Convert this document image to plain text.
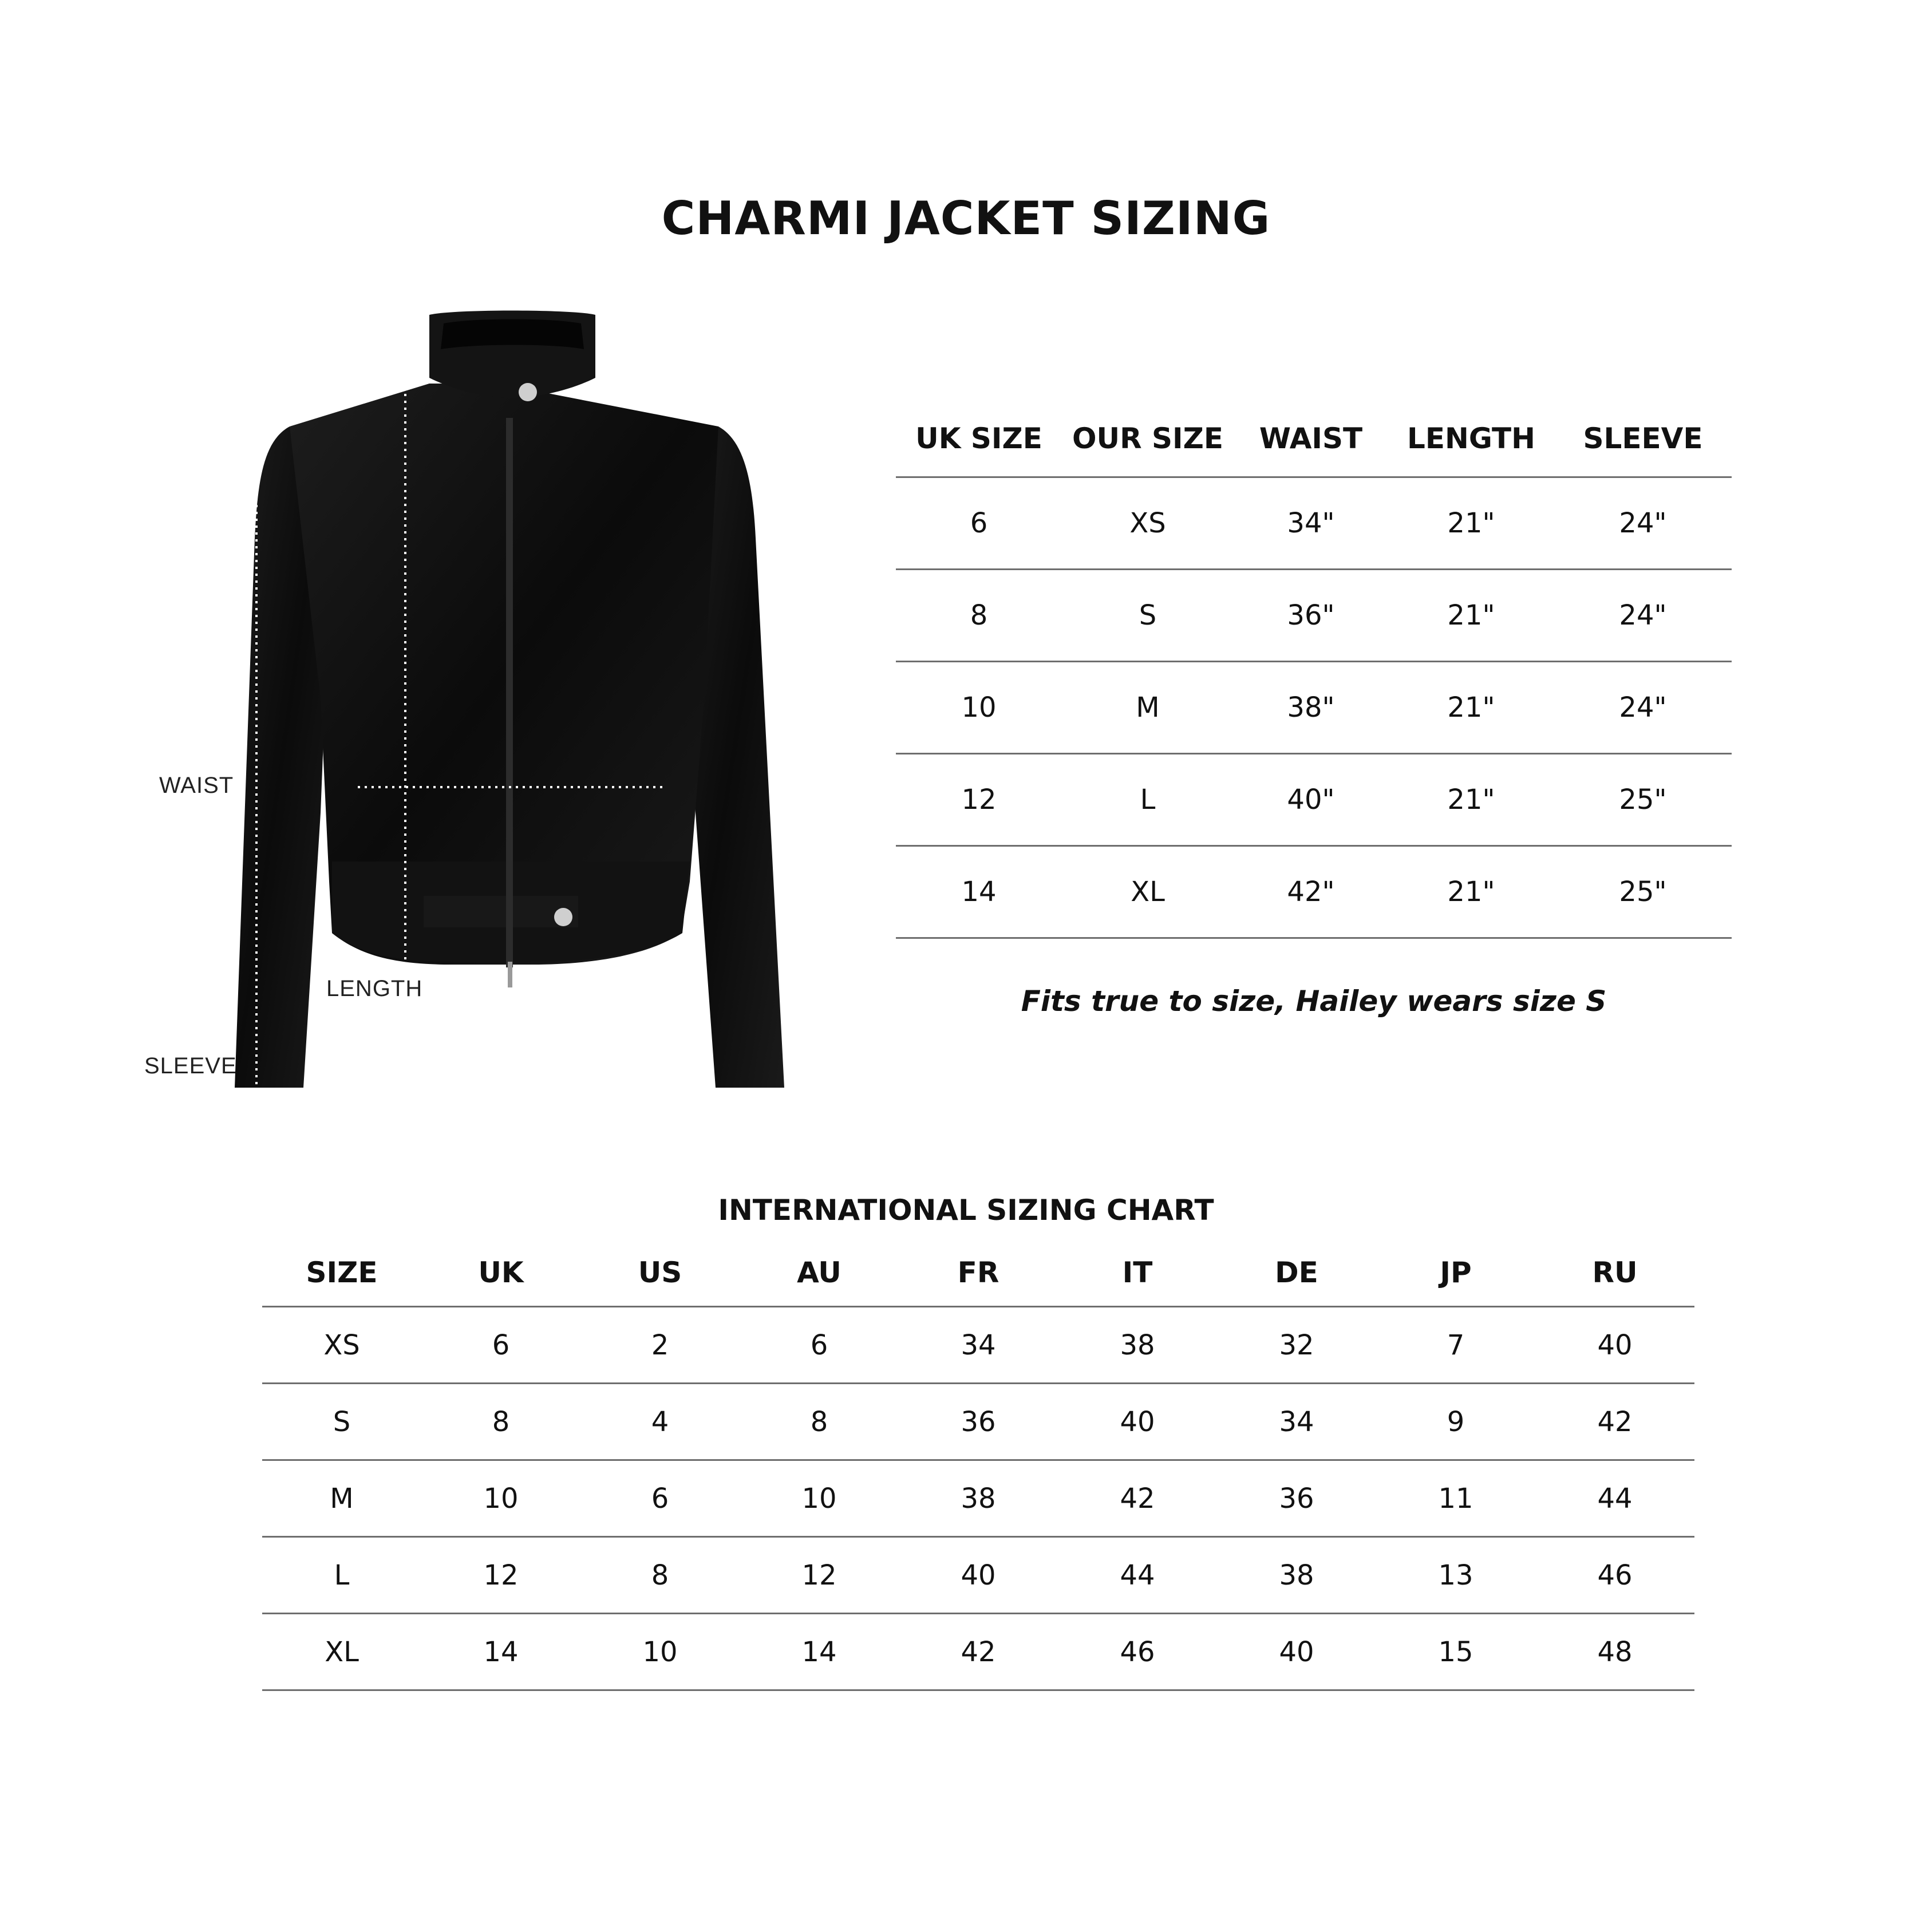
CHARMI JACKET SIZING
WAIST
LENGTH
SLEEVE
UK SIZE	OUR SIZE	WAIST	LENGTH	SLEEVE
6	XS	34"	21"	24"
8	S	36"	21"	24"
10	M	38"	21"	24"
12	L	40"	21"	25"
14	XL	42"	21"	25"
Fits true to size, Hailey wears size S
INTERNATIONAL SIZING CHART
SIZE	UK	US	AU	FR	IT	DE	JP	RU
XS	6	2	6	34	38	32	7	40
S	8	4	8	36	40	34	9	42
M	10	6	10	38	42	36	11	44
L	12	8	12	40	44	38	13	46
XL	14	10	14	42	46	40	15	48
